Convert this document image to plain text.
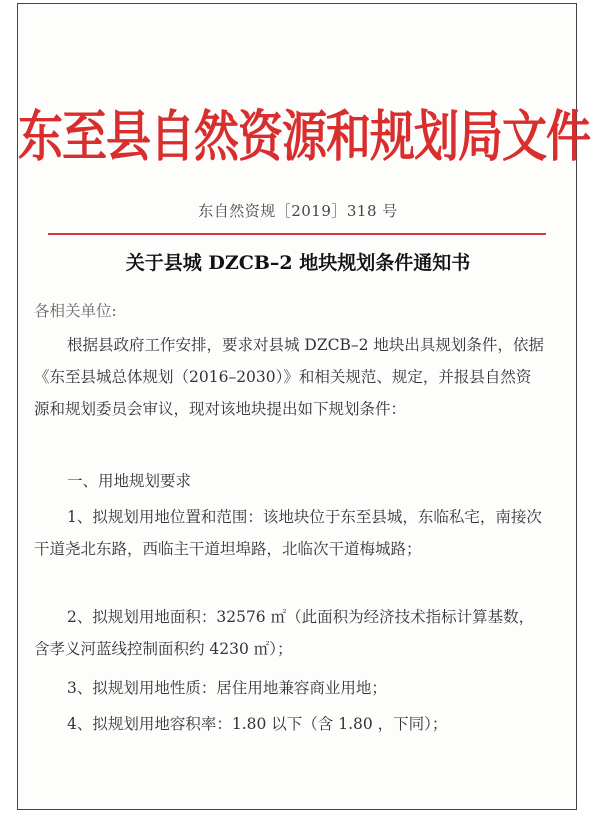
东至县自然资源和规划局文件
东自然资规［2019］318 号
关于县城 DZCB–2 地块规划条件通知书
各相关单位:
根据县政府工作安排，要求对县城 DZCB–2 地块出具规划条件，依据《东至县城总体规划（2016–2030）》和相关规范、规定，并报县自然资源和规划委员会审议，现对该地块提出如下规划条件：
一、用地规划要求
1、拟规划用地位置和范围：该地块位于东至县城，东临私宅，南接次干道尧北东路，西临主干道坦埠路，北临次干道梅城路；
2、拟规划用地面积：32576 ㎡（此面积为经济技术指标计算基数，含孝义河蓝线控制面积约 4230 ㎡）；
3、拟规划用地性质：居住用地兼容商业用地；
4、拟规划用地容积率：1.80 以下（含 1.80 ，下同）；
